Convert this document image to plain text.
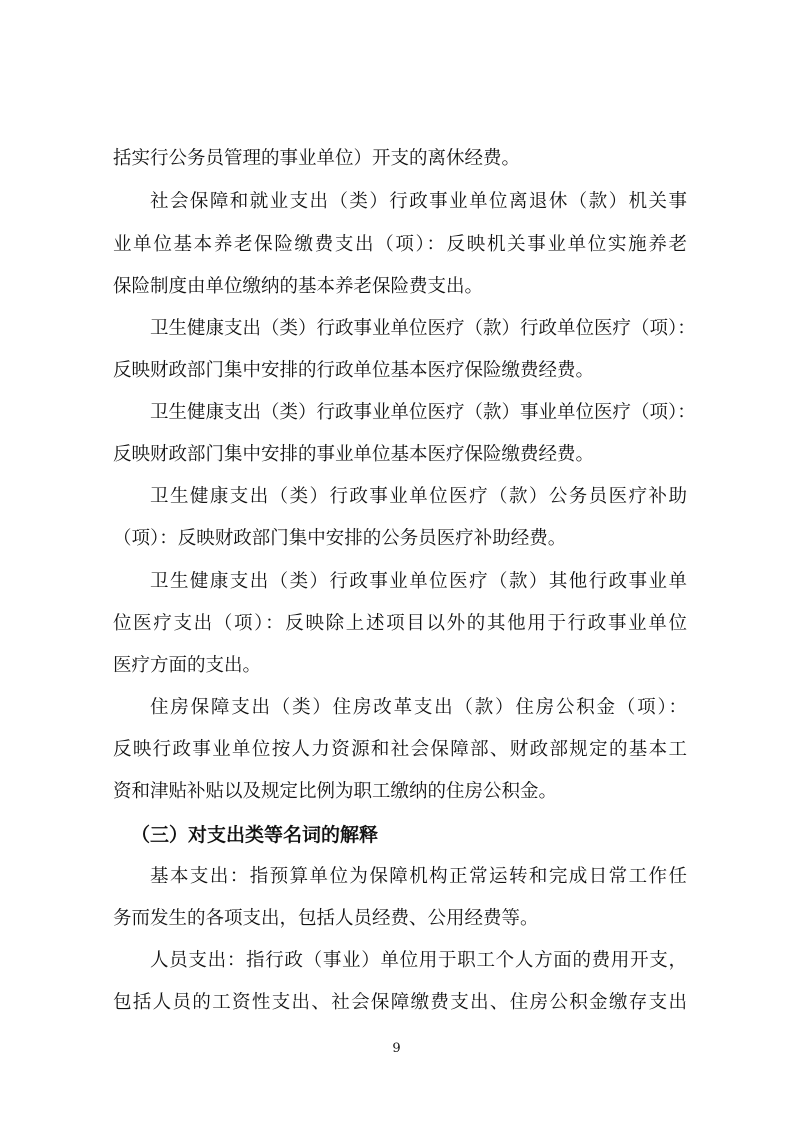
括实行公务员管理的事业单位）开支的离休经费。
社会保障和就业支出（类）行政事业单位离退休（款）机关事
业单位基本养老保险缴费支出（项）：反映机关事业单位实施养老
保险制度由单位缴纳的基本养老保险费支出。
卫生健康支出（类）行政事业单位医疗（款）行政单位医疗（项）：
反映财政部门集中安排的行政单位基本医疗保险缴费经费。
卫生健康支出（类）行政事业单位医疗（款）事业单位医疗（项）：
反映财政部门集中安排的事业单位基本医疗保险缴费经费。
卫生健康支出（类）行政事业单位医疗（款）公务员医疗补助
（项）：反映财政部门集中安排的公务员医疗补助经费。
卫生健康支出（类）行政事业单位医疗（款）其他行政事业单
位医疗支出（项）：反映除上述项目以外的其他用于行政事业单位
医疗方面的支出。
住房保障支出（类）住房改革支出（款）住房公积金（项）：
反映行政事业单位按人力资源和社会保障部、财政部规定的基本工
资和津贴补贴以及规定比例为职工缴纳的住房公积金。
（三）对支出类等名词的解释
基本支出：指预算单位为保障机构正常运转和完成日常工作任
务而发生的各项支出，包括人员经费、公用经费等。
人员支出：指行政（事业）单位用于职工个人方面的费用开支，
包括人员的工资性支出、社会保障缴费支出、住房公积金缴存支出
9
